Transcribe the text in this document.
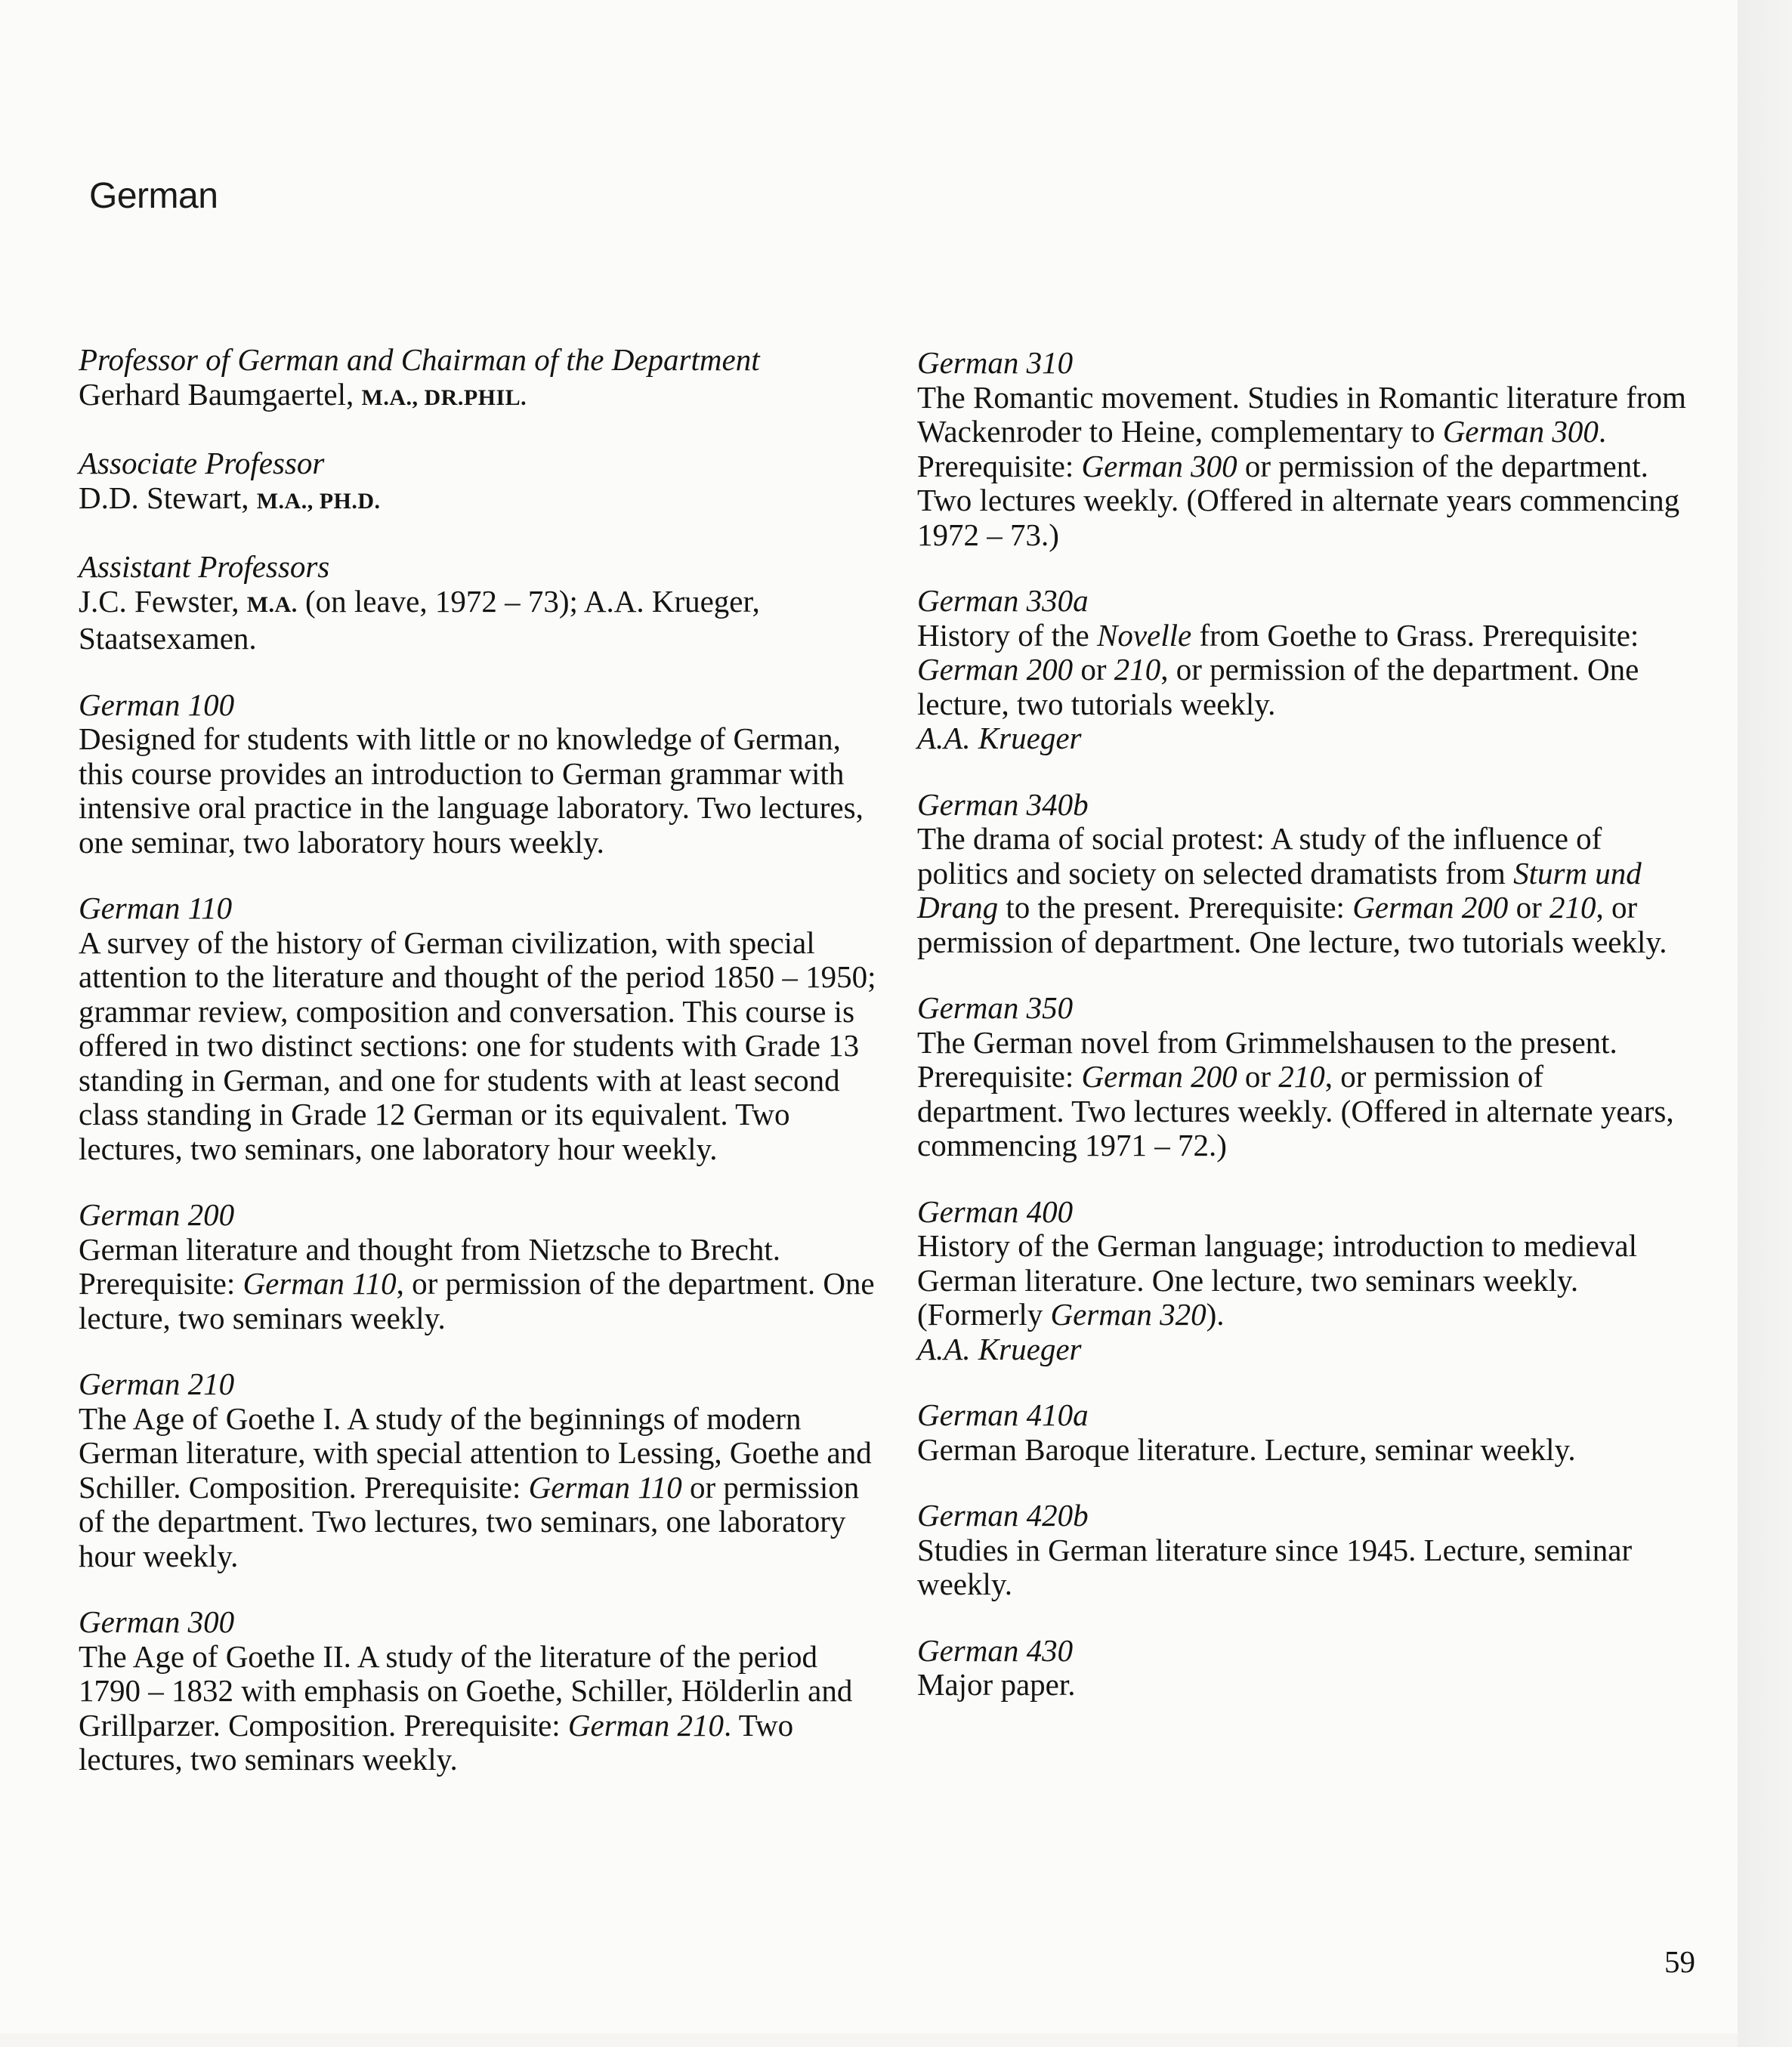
German

Professor of German and Chairman of the Department

Gerhard Baumgaertel, M.A., DR.PHIL.

Associate Professor

D.D. Stewart, M.A., PH.D.

Assistant Professors

J.C. Fewster, M.A. (on leave, 1972 – 73); A.A. Krueger, Staatsexamen.

German 100

Designed for students with little or no knowledge of German, this course provides an introduction to German grammar with intensive oral practice in the language laboratory. Two lectures, one seminar, two laboratory hours weekly.

German 110

A survey of the history of German civilization, with special attention to the literature and thought of the period 1850 – 1950; grammar review, composition and conversation. This course is offered in two distinct sections: one for students with Grade 13 standing in German, and one for students with at least second class standing in Grade 12 German or its equivalent. Two lectures, two seminars, one laboratory hour weekly.

German 200

German literature and thought from Nietzsche to Brecht. Prerequisite: German 110, or permission of the department. One lecture, two seminars weekly.

German 210

The Age of Goethe I. A study of the beginnings of modern German literature, with special attention to Lessing, Goethe and Schiller. Composition. Prerequisite: German 110 or permission of the department. Two lectures, two seminars, one laboratory hour weekly.

German 300

The Age of Goethe II. A study of the literature of the period 1790 – 1832 with emphasis on Goethe, Schiller, Hölderlin and Grillparzer. Composition. Prerequisite: German 210. Two lectures, two seminars weekly.

German 310

The Romantic movement. Studies in Romantic literature from Wackenroder to Heine, complementary to German 300. Prerequisite: German 300 or permission of the department. Two lectures weekly. (Offered in alternate years commencing 1972 – 73.)

German 330a

History of the Novelle from Goethe to Grass. Prerequisite: German 200 or 210, or permission of the department. One lecture, two tutorials weekly.

A.A. Krueger

German 340b

The drama of social protest: A study of the influence of politics and society on selected dramatists from Sturm und Drang to the present. Prerequisite: German 200 or 210, or permission of department. One lecture, two tutorials weekly.

German 350

The German novel from Grimmelshausen to the present. Prerequisite: German 200 or 210, or permission of department. Two lectures weekly. (Offered in alternate years, commencing 1971 – 72.)

German 400

History of the German language; introduction to medieval German literature. One lecture, two seminars weekly. (Formerly German 320).

A.A. Krueger

German 410a

German Baroque literature. Lecture, seminar weekly.

German 420b

Studies in German literature since 1945. Lecture, seminar weekly.

German 430

Major paper.

59
